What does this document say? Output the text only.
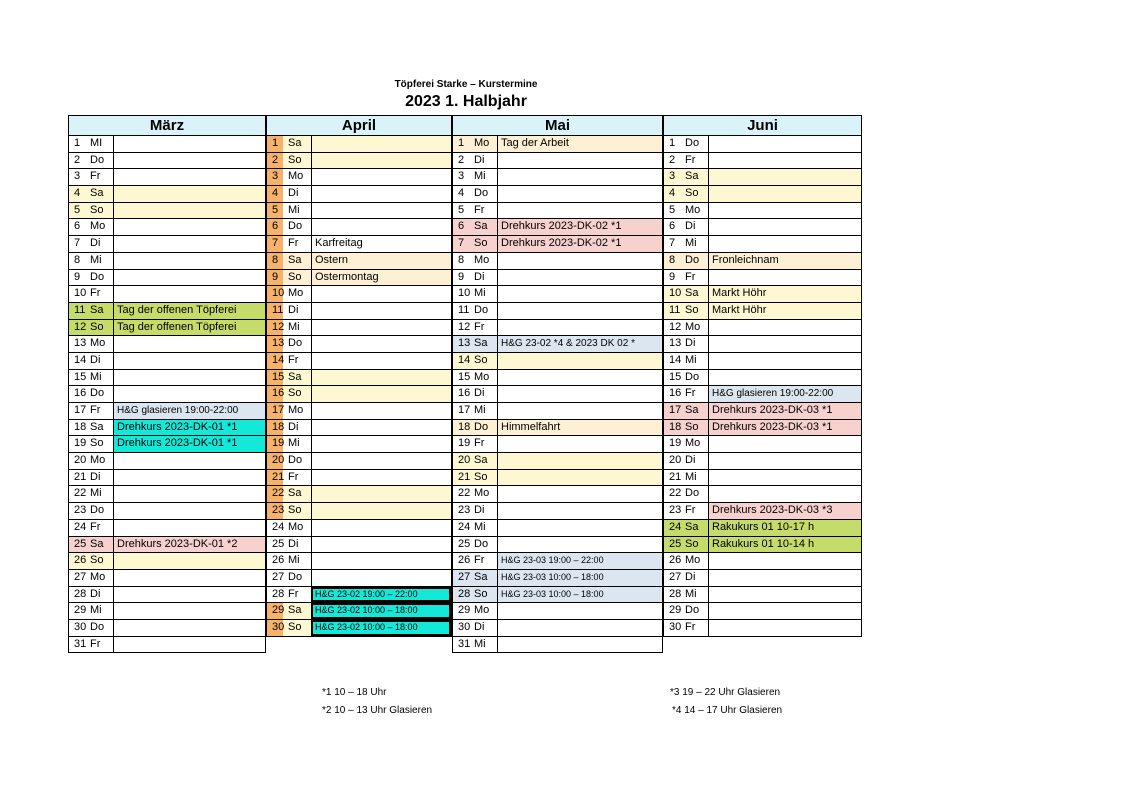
Töpferei Starke – Kurstermine
2023 1. Halbjahr
März
1 MI
2 Do
3 Fr
4 Sa
5 So
6 Mo
7 Di
8 Mi
9 Do
10 Fr
11 Sa	Tag der offenen Töpferei
12 So	Tag der offenen Töpferei
13 Mo
14 Di
15 Mi
16 Do
17 Fr	H&G glasieren 19:00-22:00
18 Sa	Drehkurs 2023-DK-01 *1
19 So	Drehkurs 2023-DK-01 *1
20 Mo
21 Di
22 Mi
23 Do
24 Fr
25 Sa	Drehkurs 2023-DK-01 *2
26 So
27 Mo
28 Di
29 Mi
30 Do
31 Fr
April
1 Sa
2 So
3 Mo
4 Di
5 Mi
6 Do
7 Fr	Karfreitag
8 Sa	Ostern
9 So	Ostermontag
10 Mo
11 Di
12 Mi
13 Do
14 Fr
15 Sa
16 So
17 Mo
18 Di
19 Mi
20 Do
21 Fr
22 Sa
23 So
24 Mo
25 Di
26 Mi
27 Do
28 Fr	H&G 23-02 19:00 – 22:00
29 Sa	H&G 23-02 10:00 – 18:00
30 So	H&G 23-02 10:00 – 18:00
Mai
1 Mo	Tag der Arbeit
2 Di
3 Mi
4 Do
5 Fr
6 Sa	Drehkurs 2023-DK-02 *1
7 So	Drehkurs 2023-DK-02 *1
8 Mo
9 Di
10 Mi
11 Do
12 Fr
13 Sa	H&G 23-02 *4 & 2023 DK 02 *
14 So
15 Mo
16 Di
17 Mi
18 Do	Himmelfahrt
19 Fr
20 Sa
21 So
22 Mo
23 Di
24 Mi
25 Do
26 Fr	H&G 23-03 19:00 – 22:00
27 Sa	H&G 23-03 10:00 – 18:00
28 So	H&G 23-03 10:00 – 18:00
29 Mo
30 Di
31 Mi
Juni
1 Do
2 Fr
3 Sa
4 So
5 Mo
6 Di
7 Mi
8 Do	Fronleichnam
9 Fr
10 Sa	Markt Höhr
11 So	Markt Höhr
12 Mo
13 Di
14 Mi
15 Do
16 Fr	H&G glasieren 19:00-22:00
17 Sa	Drehkurs 2023-DK-03 *1
18 So	Drehkurs 2023-DK-03 *1
19 Mo
20 Di
21 Mi
22 Do
23 Fr	Drehkurs 2023-DK-03 *3
24 Sa	Rakukurs 01 10-17 h
25 So	Rakukurs 01 10-14 h
26 Mo
27 Di
28 Mi
29 Do
30 Fr
*1 10 – 18 Uhr
*2 10 – 13 Uhr Glasieren
*3 19 – 22 Uhr Glasieren
*4 14 – 17 Uhr Glasieren
